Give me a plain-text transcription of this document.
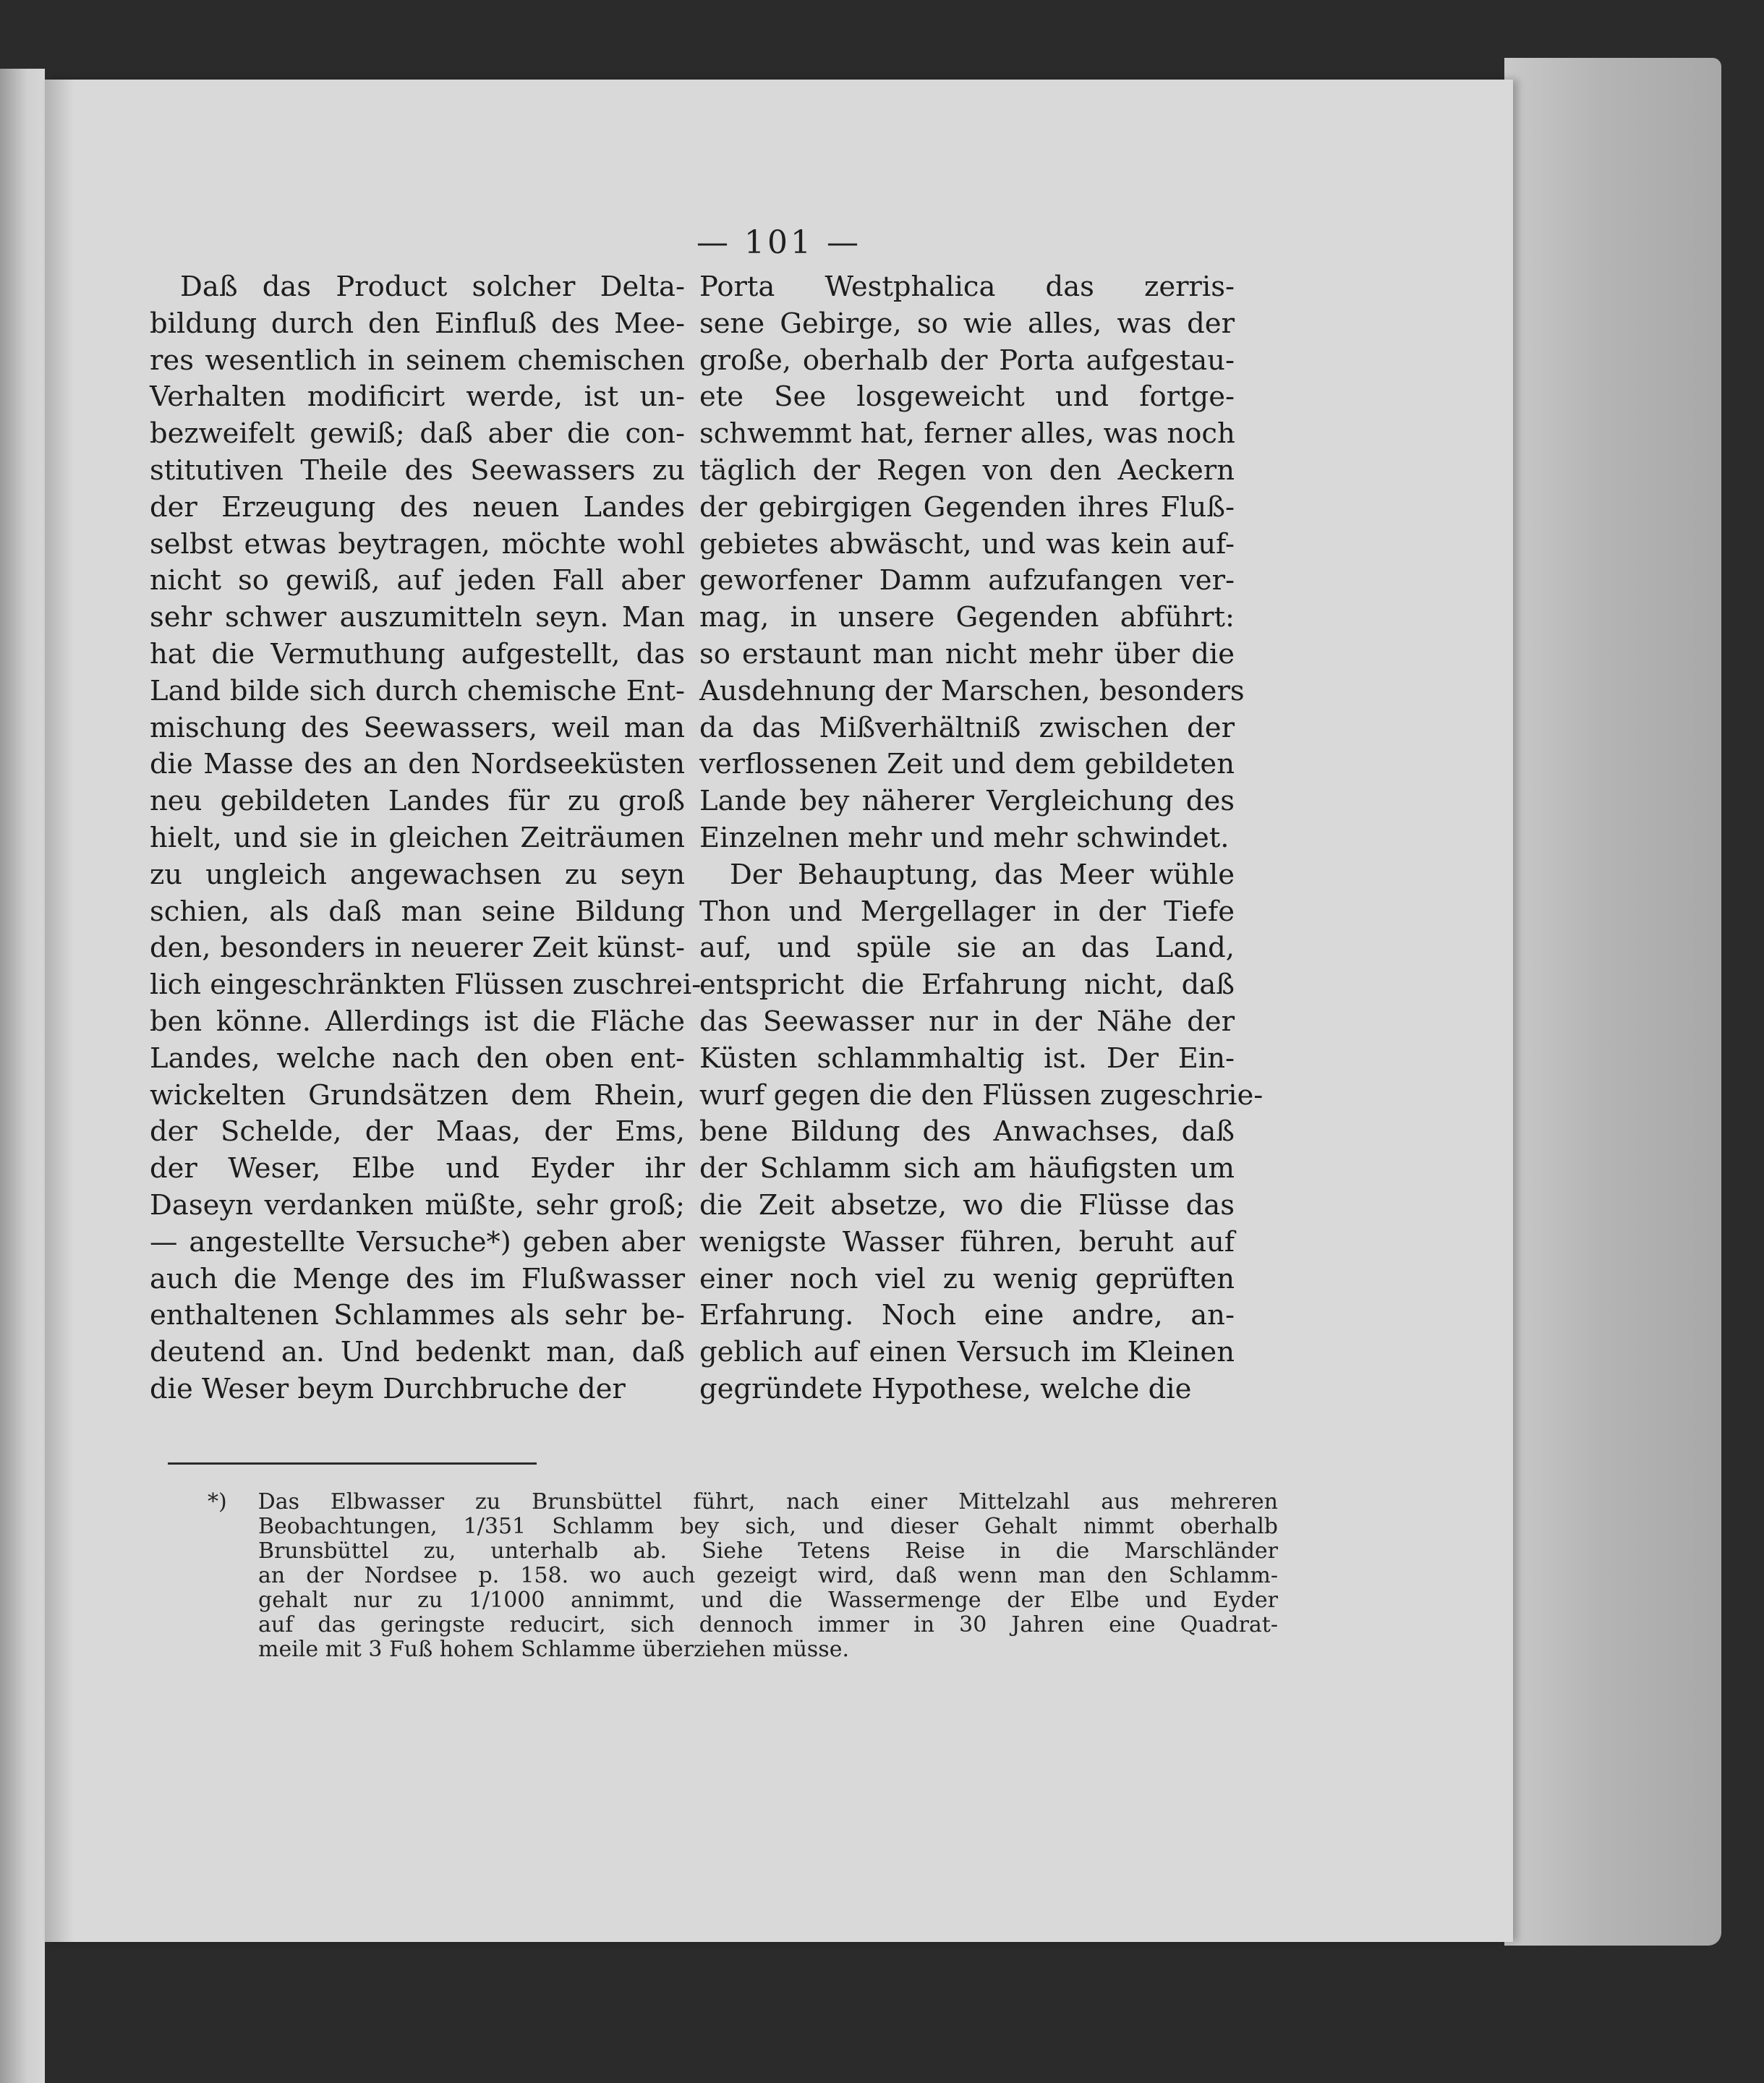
— 101 —
Daß das Product solcher Delta-
bildung durch den Einfluß des Mee-
res wesentlich in seinem chemischen
Verhalten modificirt werde, ist un-
bezweifelt gewiß; daß aber die con-
stitutiven Theile des Seewassers zu
der Erzeugung des neuen Landes
selbst etwas beytragen, möchte wohl
nicht so gewiß, auf jeden Fall aber
sehr schwer auszumitteln seyn. Man
hat die Vermuthung aufgestellt, das
Land bilde sich durch chemische Ent-
mischung des Seewassers, weil man
die Masse des an den Nordseeküsten
neu gebildeten Landes für zu groß
hielt, und sie in gleichen Zeiträumen
zu ungleich angewachsen zu seyn
schien, als daß man seine Bildung
den, besonders in neuerer Zeit künst-
lich eingeschränkten Flüssen zuschrei-
ben könne. Allerdings ist die Fläche
Landes, welche nach den oben ent-
wickelten Grundsätzen dem Rhein,
der Schelde, der Maas, der Ems,
der Weser, Elbe und Eyder ihr
Daseyn verdanken müßte, sehr groß;
— angestellte Versuche*) geben aber
auch die Menge des im Flußwasser
enthaltenen Schlammes als sehr be-
deutend an. Und bedenkt man, daß
die Weser beym Durchbruche der
Porta Westphalica das zerris-
sene Gebirge, so wie alles, was der
große, oberhalb der Porta aufgestau-
ete See losgeweicht und fortge-
schwemmt hat, ferner alles, was noch
täglich der Regen von den Aeckern
der gebirgigen Gegenden ihres Fluß-
gebietes abwäscht, und was kein auf-
geworfener Damm aufzufangen ver-
mag, in unsere Gegenden abführt:
so erstaunt man nicht mehr über die
Ausdehnung der Marschen, besonders
da das Mißverhältniß zwischen der
verflossenen Zeit und dem gebildeten
Lande bey näherer Vergleichung des
Einzelnen mehr und mehr schwindet.
Der Behauptung, das Meer wühle
Thon und Mergellager in der Tiefe
auf, und spüle sie an das Land,
entspricht die Erfahrung nicht, daß
das Seewasser nur in der Nähe der
Küsten schlammhaltig ist. Der Ein-
wurf gegen die den Flüssen zugeschrie-
bene Bildung des Anwachses, daß
der Schlamm sich am häufigsten um
die Zeit absetze, wo die Flüsse das
wenigste Wasser führen, beruht auf
einer noch viel zu wenig geprüften
Erfahrung. Noch eine andre, an-
geblich auf einen Versuch im Kleinen
gegründete Hypothese, welche die
*) Das Elbwasser zu Brunsbüttel führt, nach einer Mittelzahl aus mehreren
Beobachtungen, 1/351 Schlamm bey sich, und dieser Gehalt nimmt oberhalb
Brunsbüttel zu, unterhalb ab. Siehe Tetens Reise in die Marschländer
an der Nordsee p. 158. wo auch gezeigt wird, daß wenn man den Schlamm-
gehalt nur zu 1/1000 annimmt, und die Wassermenge der Elbe und Eyder
auf das geringste reducirt, sich dennoch immer in 30 Jahren eine Quadrat-
meile mit 3 Fuß hohem Schlamme überziehen müsse.
